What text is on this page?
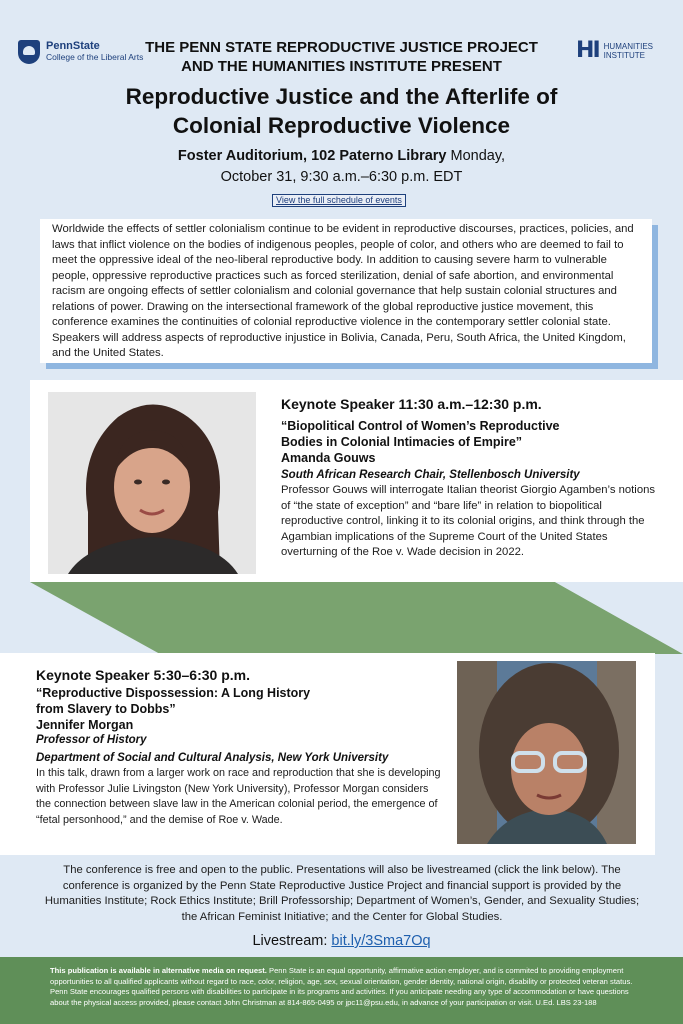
PennState
College of the Liberal Arts	HI HUMANITIES
INSTITUTE
THE PENN STATE REPRODUCTIVE JUSTICE PROJECT
AND THE HUMANITIES INSTITUTE PRESENT
Reproductive Justice and the Afterlife of
Colonial Reproductive Violence
Foster Auditorium, 102 Paterno Library Monday,
October 31, 9:30 a.m.–6:30 p.m. EDT
View the full schedule of events
Worldwide the effects of settler colonialism continue to be evident in reproductive discourses, practices, policies, and laws that inflict violence on the bodies of indigenous peoples, people of color, and others who are deemed to fail to meet the oppressive ideal of the neo-liberal reproductive body. In addition to causing severe harm to vulnerable people, oppressive reproductive practices such as forced sterilization, denial of safe abortion, and environmental racism are ongoing effects of settler colonialism and colonial governance that help sustain colonial structures and relations of power. Drawing on the intersectional framework of the global reproductive justice movement, this conference examines the continuities of colonial reproductive violence in the contemporary settler colonial state. Speakers will address aspects of reproductive injustice in Bolivia, Canada, Peru, South Africa, the United Kingdom, and the United States.
Keynote Speaker 11:30 a.m.–12:30 p.m.
“Biopolitical Control of Women’s Reproductive
Bodies in Colonial Intimacies of Empire”
Amanda Gouws
South African Research Chair, Stellenbosch University
Professor Gouws will interrogate Italian theorist Giorgio Agamben’s notions of “the state of exception” and “bare life” in relation to biopolitical reproductive control, linking it to its colonial origins, and think through the Agambian implications of the Supreme Court of the United States overturning of the Roe v. Wade decision in 2022.
Keynote Speaker 5:30–6:30 p.m.
“Reproductive Dispossession: A Long History
from Slavery to Dobbs”
Jennifer Morgan
Professor of History
Department of Social and Cultural Analysis, New York University
In this talk, drawn from a larger work on race and reproduction that she is developing with Professor Julie Livingston (New York University), Professor Morgan considers the connection between slave law in the American colonial period, the emergence of “fetal personhood,” and the demise of Roe v. Wade.
The conference is free and open to the public. Presentations will also be livestreamed (click the link below). The conference is organized by the Penn State Reproductive Justice Project and financial support is provided by the Humanities Institute; Rock Ethics Institute; Brill Professorship; Department of Women’s, Gender, and Sexuality Studies; the African Feminist Initiative; and the Center for Global Studies.
Livestream: bit.ly/3Sma7Oq
This publication is available in alternative media on request. Penn State is an equal opportunity, affirmative action employer, and is commited to providing employment opportunities to all qualified applicants without regard to race, color, religion, age, sex, sexual orientation, gender identity, national origin, disability or protected veteran status. Penn State encourages qualified persons with disabilities to participate in its programs and activities. If you anticipate needing any type of accommodation or have questions about the physical access provided, please contact John Christman at 814-865-0495 or jpc11@psu.edu, in advance of your participation or visit. U.Ed. LBS 23-188
